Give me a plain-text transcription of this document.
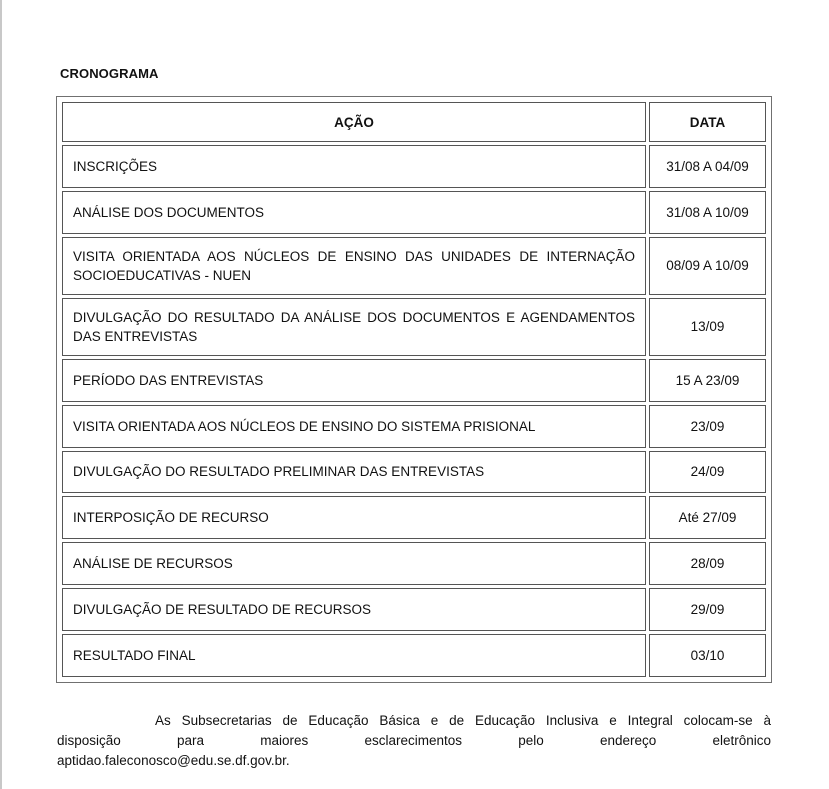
CRONOGRAMA
AÇÃO	DATA
INSCRIÇÕES	31/08 A 04/09
ANÁLISE DOS DOCUMENTOS	31/08 A 10/09
VISITA ORIENTADA AOS NÚCLEOS DE ENSINO DAS UNIDADES DE INTERNAÇÃO SOCIOEDUCATIVAS - NUEN	08/09 A 10/09
DIVULGAÇÃO DO RESULTADO DA ANÁLISE DOS DOCUMENTOS E AGENDAMENTOS DAS ENTREVISTAS	13/09
PERÍODO DAS ENTREVISTAS	15 A 23/09
VISITA ORIENTADA AOS NÚCLEOS DE ENSINO DO SISTEMA PRISIONAL	23/09
DIVULGAÇÃO DO RESULTADO PRELIMINAR DAS ENTREVISTAS	24/09
INTERPOSIÇÃO DE RECURSO	Até 27/09
ANÁLISE DE RECURSOS	28/09
DIVULGAÇÃO DE RESULTADO DE RECURSOS	29/09
RESULTADO FINAL	03/10
As Subsecretarias de Educação Básica e de Educação Inclusiva e Integral colocam-se à
disposição para maiores esclarecimentos pelo endereço eletrônico
aptidao.faleconosco@edu.se.df.gov.br.
